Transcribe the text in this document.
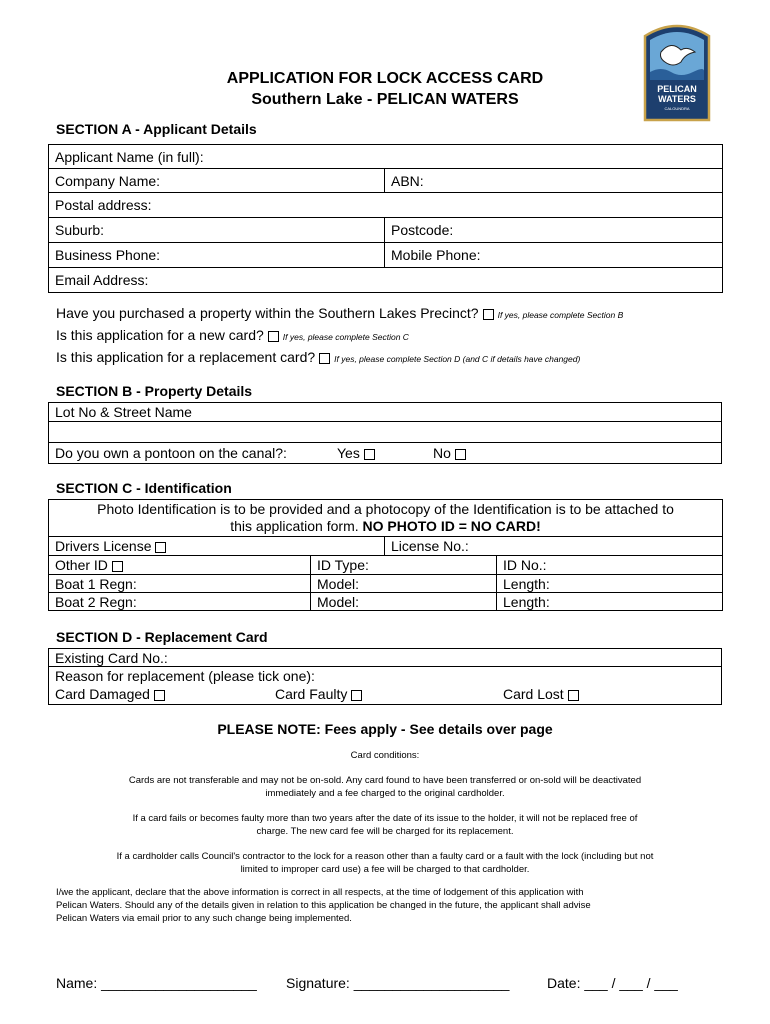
PELICAN
WATERS
CALOUNDRA
APPLICATION FOR LOCK ACCESS CARD
Southern Lake - PELICAN WATERS
SECTION A - Applicant Details
Applicant Name (in full):	
Company Name:	ABN:
Postal address:	
Suburb:	Postcode:
Business Phone:	Mobile Phone:
Email Address:	
Have you purchased a property within the Southern Lakes Precinct? If yes, please complete Section B
Is this application for a new card? If yes, please complete Section C
Is this application for a replacement card? If yes, please complete Section D (and C if details have changed)
SECTION B - Property Details
Lot No & Street Name

Do you own a pontoon on the canal?:	Yes	No
SECTION C - Identification
Photo Identification is to be provided and a photocopy of the Identification is to be attached to
this application form. NO PHOTO ID = NO CARD!			

Drivers License		License No.:	
Other ID	ID Type:		ID No.:
Boat 1 Regn:	Model:		Length:
Boat 2 Regn:	Model:		Length:
SECTION D - Replacement Card
Existing Card No.:

Reason for replacement (please tick one):
Card Damaged	Card Faulty	Card Lost
PLEASE NOTE: Fees apply - See details over page
Card conditions:
Cards are not transferable and may not be on-sold. Any card found to have been transferred or on-sold will be deactivated
immediately and a fee charged to the original cardholder.
If a card fails or becomes faulty more than two years after the date of its issue to the holder, it will not be replaced free of
charge. The new card fee will be charged for its replacement.
If a cardholder calls Council's contractor to the lock for a reason other than a faulty card or a fault with the lock (including but not
limited to improper card use) a fee will be charged to that cardholder.
I/we the applicant, declare that the above information is correct in all respects, at the time of lodgement of this application with
Pelican Waters. Should any of the details given in relation to this application be changed in the future, the applicant shall advise
Pelican Waters via email prior to any such change being implemented.
Name: ____________________ Signature: ____________________	Date: ___ / ___ / ___
